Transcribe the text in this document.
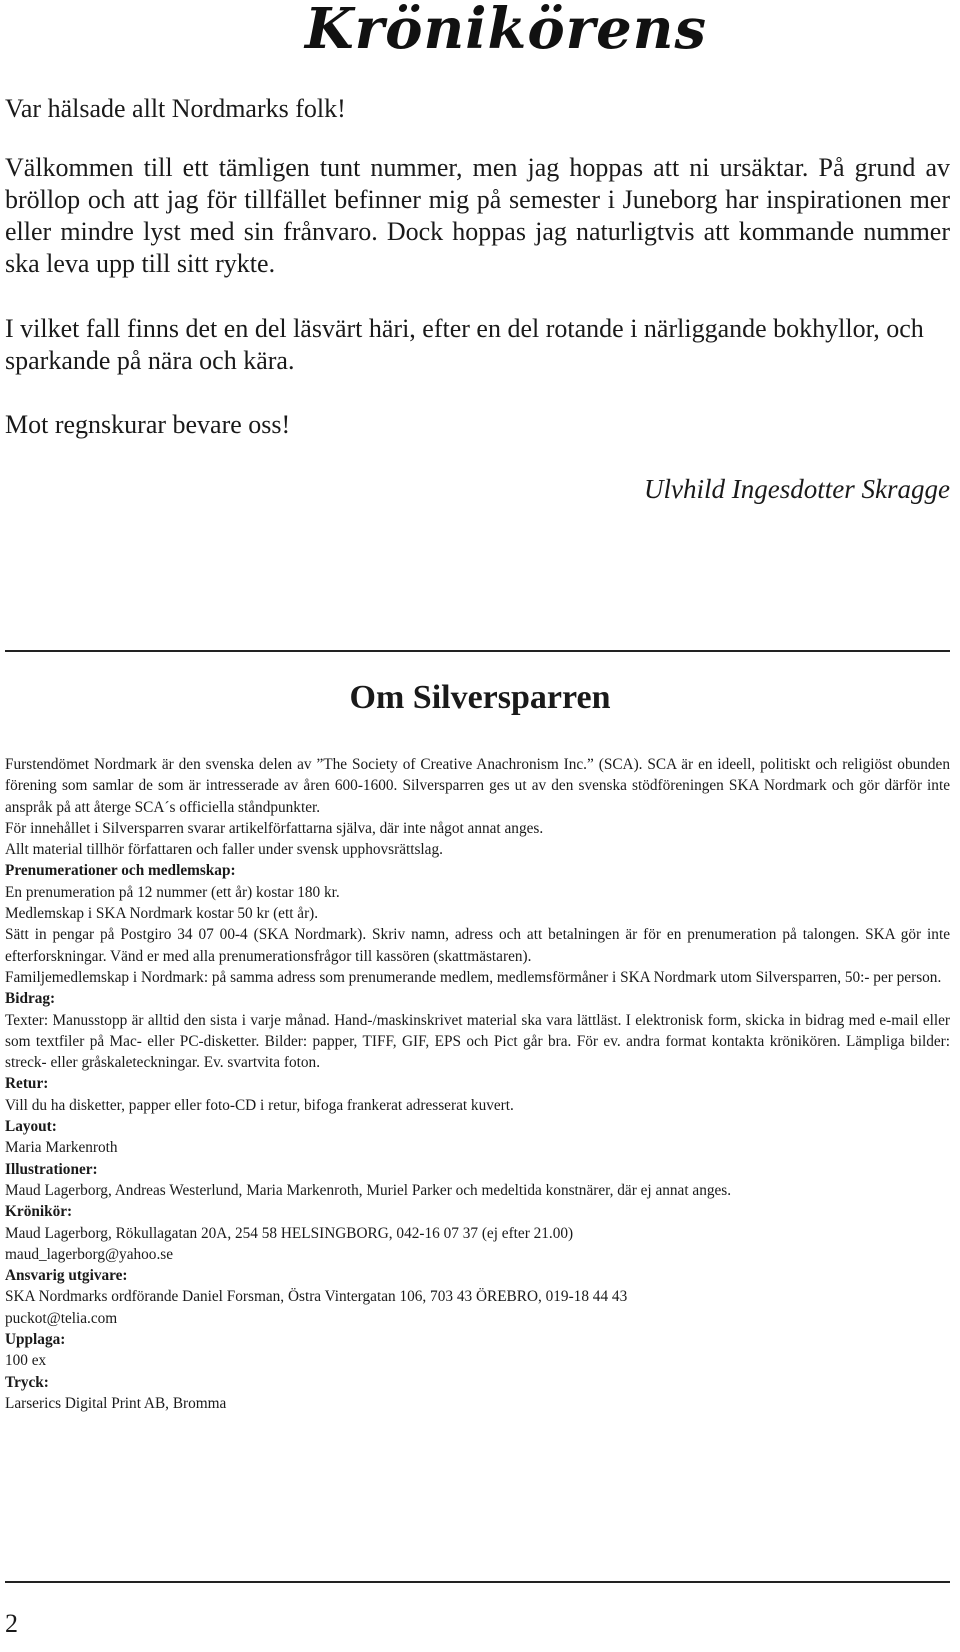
Krönikörens
Var hälsade allt Nordmarks folk!
Välkommen till ett tämligen tunt nummer, men jag hoppas att ni ursäktar. På grund av bröllop och att jag för tillfället befinner mig på semester i Juneborg har inspirationen mer eller mindre lyst med sin frånvaro. Dock hoppas jag naturligtvis att kommande nummer ska leva upp till sitt rykte.
I vilket fall finns det en del läsvärt häri, efter en del rotande i närliggande bokhyllor, och sparkande på nära och kära.
Mot regnskurar bevare oss!
Ulvhild Ingesdotter Skragge
Om Silversparren

Furstendömet Nordmark är den svenska delen av ”The Society of Creative Anachronism Inc.” (SCA). SCA är en ideell, politiskt och religiöst obunden förening som samlar de som är intresserade av åren 600-1600. Silversparren ges ut av den svenska stödföreningen SKA Nordmark och gör därför inte anspråk på att återge SCA´s officiella ståndpunkter.

För innehållet i Silversparren svarar artikelförfattarna själva, där inte något annat anges.

Allt material tillhör författaren och faller under svensk upphovsrättslag.

Prenumerationer och medlemskap:

En prenumeration på 12 nummer (ett år) kostar 180 kr.

Medlemskap i SKA Nordmark kostar 50 kr (ett år).

Sätt in pengar på Postgiro 34 07 00-4 (SKA Nordmark). Skriv namn, adress och att betalningen är för en prenumeration på talongen. SKA gör inte efterforskningar. Vänd er med alla prenumerationsfrågor till kassören (skattmästaren).

Familjemedlemskap i Nordmark: på samma adress som prenumerande medlem, medlemsförmåner i SKA Nordmark utom Silversparren, 50:- per person.

Bidrag:

Texter: Manusstopp är alltid den sista i varje månad. Hand-/maskinskrivet material ska vara lättläst. I elektronisk form, skicka in bidrag med e-mail eller som textfiler på Mac- eller PC-disketter. Bilder: papper, TIFF, GIF, EPS och Pict går bra. För ev. andra format kontakta krönikören. Lämpliga bilder: streck- eller gråskaleteckningar. Ev. svartvita foton.

Retur:

Vill du ha disketter, papper eller foto-CD i retur, bifoga frankerat adresserat kuvert.

Layout:

Maria Markenroth

Illustrationer:

Maud Lagerborg, Andreas Westerlund, Maria Markenroth, Muriel Parker och medeltida konstnärer, där ej annat anges.

Krönikör:

Maud Lagerborg, Rökullagatan 20A, 254 58 HELSINGBORG, 042-16 07 37 (ej efter 21.00)

maud_lagerborg@yahoo.se

Ansvarig utgivare:

SKA Nordmarks ordförande Daniel Forsman, Östra Vintergatan 106, 703 43 ÖREBRO, 019-18 44 43

puckot@telia.com

Upplaga:

100 ex

Tryck:

Larserics Digital Print AB, Bromma

2
